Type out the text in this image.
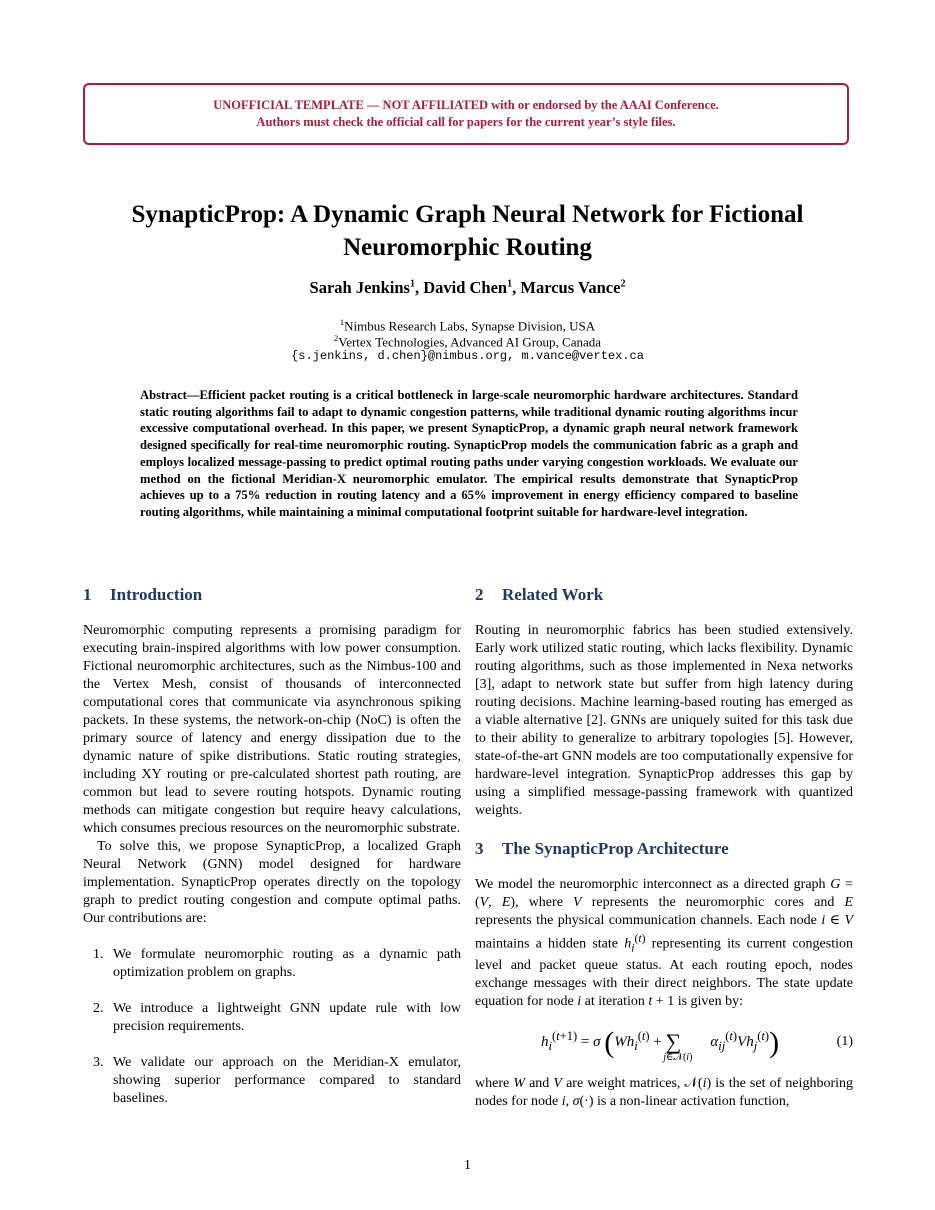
UNOFFICIAL TEMPLATE — NOT AFFILIATED with or endorsed by the AAAI Conference.
Authors must check the official call for papers for the current year’s style files.
SynapticProp: A Dynamic Graph Neural Network for Fictional
Neuromorphic Routing
Sarah Jenkins$^1$, David Chen$^1$, Marcus Vance$^2$
$^1$Nimbus Research Labs, Synapse Division, USA
$^2$Vertex Technologies, Advanced AI Group, Canada
{s.jenkins, d.chen}@nimbus.org, m.vance@vertex.ca
Abstract—Efficient packet routing is a critical bottleneck in large-scale neuromorphic hardware architectures. Standard static routing algorithms fail to adapt to dynamic congestion patterns, while traditional dynamic routing algorithms incur excessive computational overhead. In this paper, we present SynapticProp, a dynamic graph neural network framework designed specifically for real-time neuromorphic routing. SynapticProp models the communication fabric as a graph and employs localized message-passing to predict optimal routing paths under varying congestion workloads. We evaluate our method on the fictional Meridian-X neuromorphic emulator. The empirical results demonstrate that SynapticProp achieves up to a 75% reduction in routing latency and a 65% improvement in energy efficiency compared to baseline routing algorithms, while maintaining a minimal computational footprint suitable for hardware-level integration.
1 Introduction

Neuromorphic computing represents a promising paradigm for executing brain-inspired algorithms with low power consumption. Fictional neuromorphic architectures, such as the Nimbus-100 and the Vertex Mesh, consist of thousands of interconnected computational cores that communicate via asynchronous spiking packets. In these systems, the network-on-chip (NoC) is often the primary source of latency and energy dissipation due to the dynamic nature of spike distributions. Static routing strategies, including XY routing or pre-calculated shortest path routing, are common but lead to severe routing hotspots. Dynamic routing methods can mitigate congestion but require heavy calculations, which consumes precious resources on the neuromorphic substrate.

To solve this, we propose SynapticProp, a localized Graph Neural Network (GNN) model designed for hardware implementation. SynapticProp operates directly on the topology graph to predict routing congestion and compute optimal paths. Our contributions are:

1. We formulate neuromorphic routing as a dynamic path optimization problem on graphs.
2. We introduce a lightweight GNN update rule with low precision requirements.
3. We validate our approach on the Meridian-X emulator, showing superior performance compared to standard baselines.
2 Related Work

Routing in neuromorphic fabrics has been studied extensively. Early work utilized static routing, which lacks flexibility. Dynamic routing algorithms, such as those implemented in Nexa networks [3], adapt to network state but suffer from high latency during routing decisions. Machine learning-based routing has emerged as a viable alternative [2]. GNNs are uniquely suited for this task due to their ability to generalize to arbitrary topologies [5]. However, state-of-the-art GNN models are too computationally expensive for hardware-level integration. SynapticProp addresses this gap by using a simplified message-passing framework with quantized weights.

3 The SynapticProp Architecture

We model the neuromorphic interconnect as a directed graph G = (V, E), where V represents the neuromorphic cores and E represents the physical communication channels. Each node i ∈ V maintains a hidden state $h_i^{(t)}$ representing its current congestion level and packet queue status. At each routing epoch, nodes exchange messages with their direct neighbors. The state update equation for node i at iteration t + 1 is given by:

$h_i^{(t+1)} = \sigma$ $(Wh_i^{(t)} + \sum_{j\in 𝒩(i)}\alpha_{ij}^{(t)}Vh_j^{(t)})$	(1)

where W and V are weight matrices, 𝒩(i) is the set of neighboring nodes for node i, σ(·) is a non-linear activation function,

1
